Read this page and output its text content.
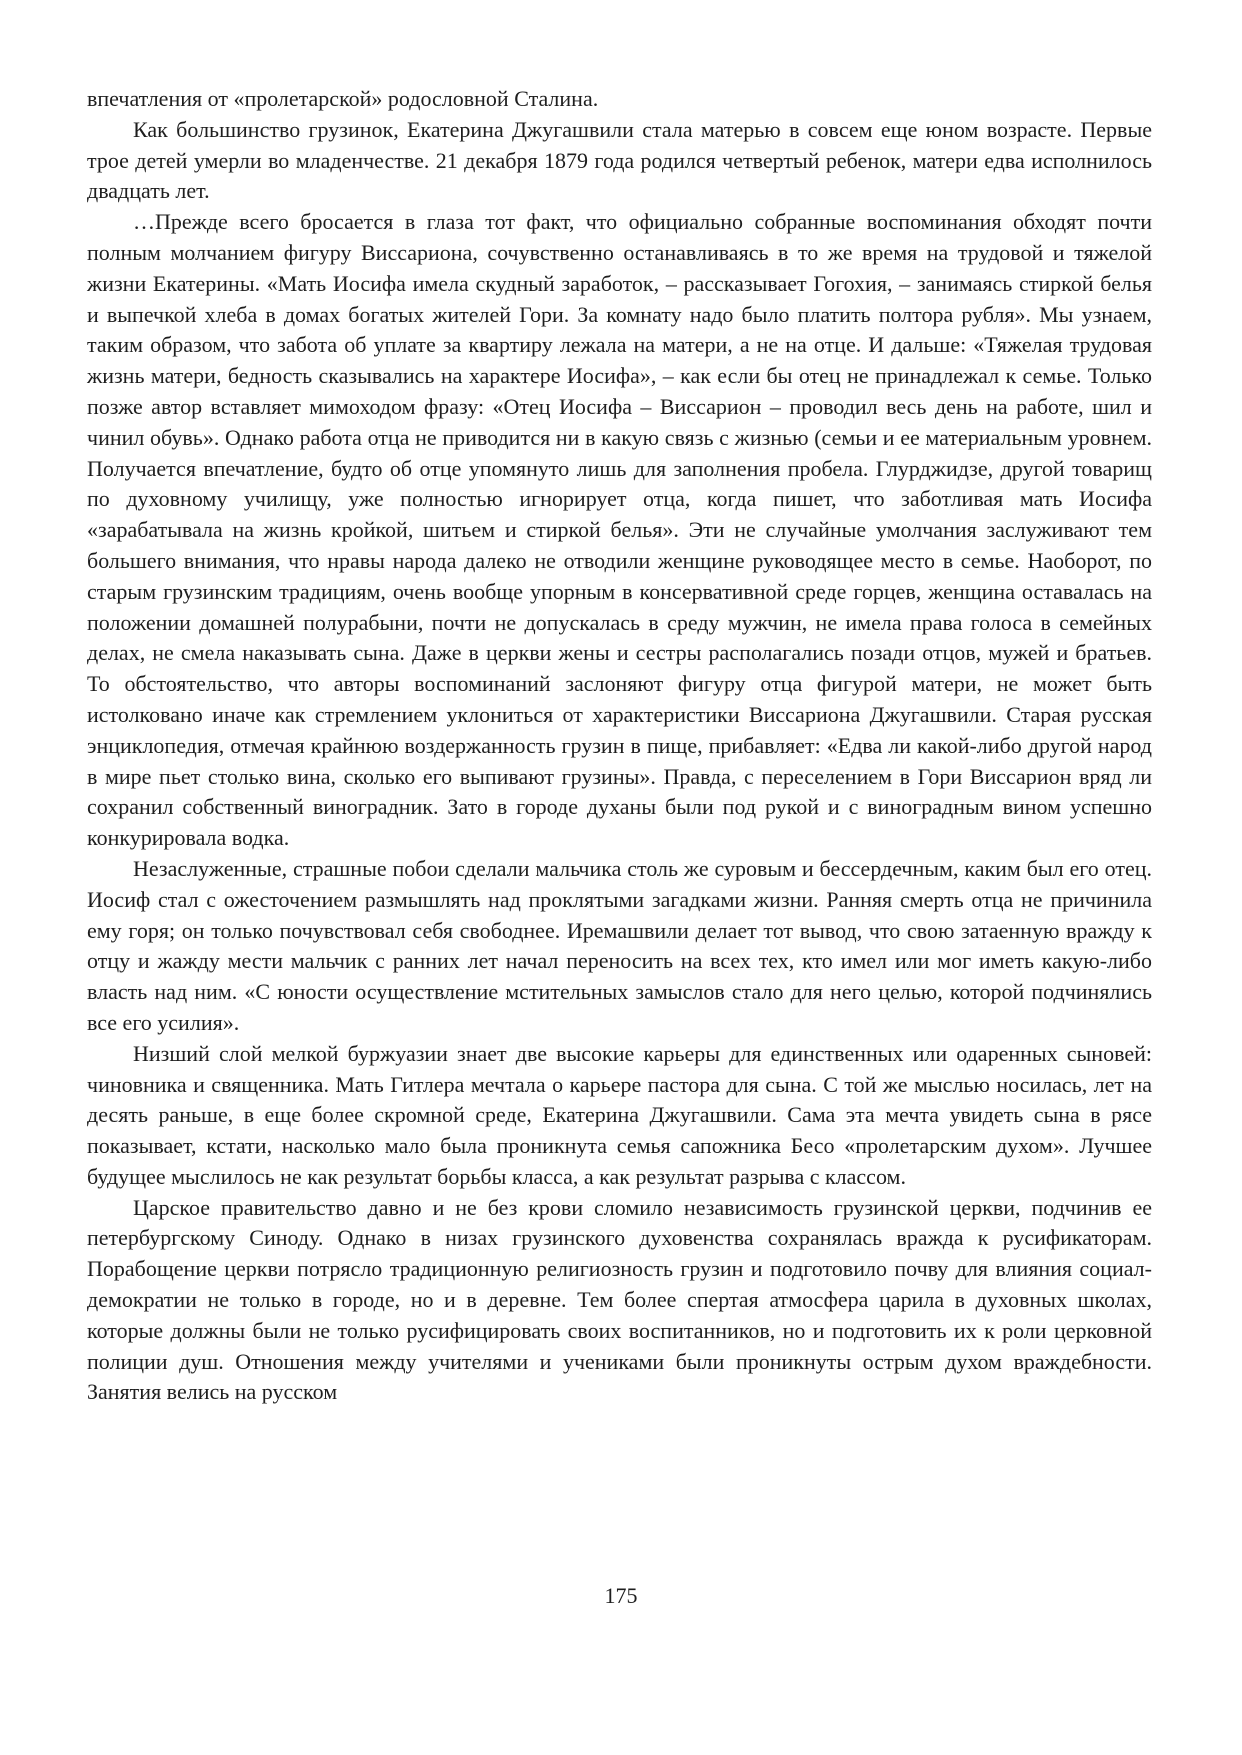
впечатления от «пролетарской» родословной Сталина.

Как большинство грузинок, Екатерина Джугашвили стала матерью в совсем еще юном возрасте. Первые трое детей умерли во младенчестве. 21 декабря 1879 года родился четвертый ребенок, матери едва исполнилось двадцать лет.

…Прежде всего бросается в глаза тот факт, что официально собранные воспоминания обходят почти полным молчанием фигуру Виссариона, сочувственно останавливаясь в то же время на трудовой и тяжелой жизни Екатерины. «Мать Иосифа имела скудный заработок, – рассказывает Гогохия, – занимаясь стиркой белья и выпечкой хлеба в домах богатых жителей Гори. За комнату надо было платить полтора рубля». Мы узнаем, таким образом, что забота об уплате за квартиру лежала на матери, а не на отце. И дальше: «Тяжелая трудовая жизнь матери, бедность сказывались на характере Иосифа», – как если бы отец не принадлежал к семье. Только позже автор вставляет мимоходом фразу: «Отец Иосифа – Виссарион – проводил весь день на работе, шил и чинил обувь». Однако работа отца не приводится ни в какую связь с жизнью (семьи и ее материальным уровнем. Получается впечатление, будто об отце упомянуто лишь для заполнения пробела. Глурджидзе, другой товарищ по духовному училищу, уже полностью игнорирует отца, когда пишет, что заботливая мать Иосифа «зарабатывала на жизнь кройкой, шитьем и стиркой белья». Эти не случайные умолчания заслуживают тем большего внимания, что нравы народа далеко не отводили женщине руководящее место в семье. Наоборот, по старым грузинским традициям, очень вообще упорным в консервативной среде горцев, женщина оставалась на положении домашней полурабыни, почти не допускалась в среду мужчин, не имела права голоса в семейных делах, не смела наказывать сына. Даже в церкви жены и сестры располагались позади отцов, мужей и братьев. То обстоятельство, что авторы воспоминаний заслоняют фигуру отца фигурой матери, не может быть истолковано иначе как стремлением уклониться от характеристики Виссариона Джугашвили. Старая русская энциклопедия, отмечая крайнюю воздержанность грузин в пище, прибавляет: «Едва ли какой-либо другой народ в мире пьет столько вина, сколько его выпивают грузины». Правда, с переселением в Гори Виссарион вряд ли сохранил собственный виноградник. Зато в городе духаны были под рукой и с виноградным вином успешно конкурировала водка.

Незаслуженные, страшные побои сделали мальчика столь же суровым и бессердечным, каким был его отец. Иосиф стал с ожесточением размышлять над проклятыми загадками жизни. Ранняя смерть отца не причинила ему горя; он только почувствовал себя свободнее. Иремашвили делает тот вывод, что свою затаенную вражду к отцу и жажду мести мальчик с ранних лет начал переносить на всех тех, кто имел или мог иметь какую-либо власть над ним. «С юности осуществление мстительных замыслов стало для него целью, которой подчинялись все его усилия».

Низший слой мелкой буржуазии знает две высокие карьеры для единственных или одаренных сыновей: чиновника и священника. Мать Гитлера мечтала о карьере пастора для сына. С той же мыслью носилась, лет на десять раньше, в еще более скромной среде, Екатерина Джугашвили. Сама эта мечта увидеть сына в рясе показывает, кстати, насколько мало была проникнута семья сапожника Бесо «пролетарским духом». Лучшее будущее мыслилось не как результат борьбы класса, а как результат разрыва с классом.

Царское правительство давно и не без крови сломило независимость грузинской церкви, подчинив ее петербургскому Синоду. Однако в низах грузинского духовенства сохранялась вражда к русификаторам. Порабощение церкви потрясло традиционную религиозность грузин и подготовило почву для влияния социал-демократии не только в городе, но и в деревне. Тем более спертая атмосфера царила в духовных школах, которые должны были не только русифицировать своих воспитанников, но и подготовить их к роли церковной полиции душ. Отношения между учителями и учениками были проникнуты острым духом враждебности. Занятия велись на русском

175
